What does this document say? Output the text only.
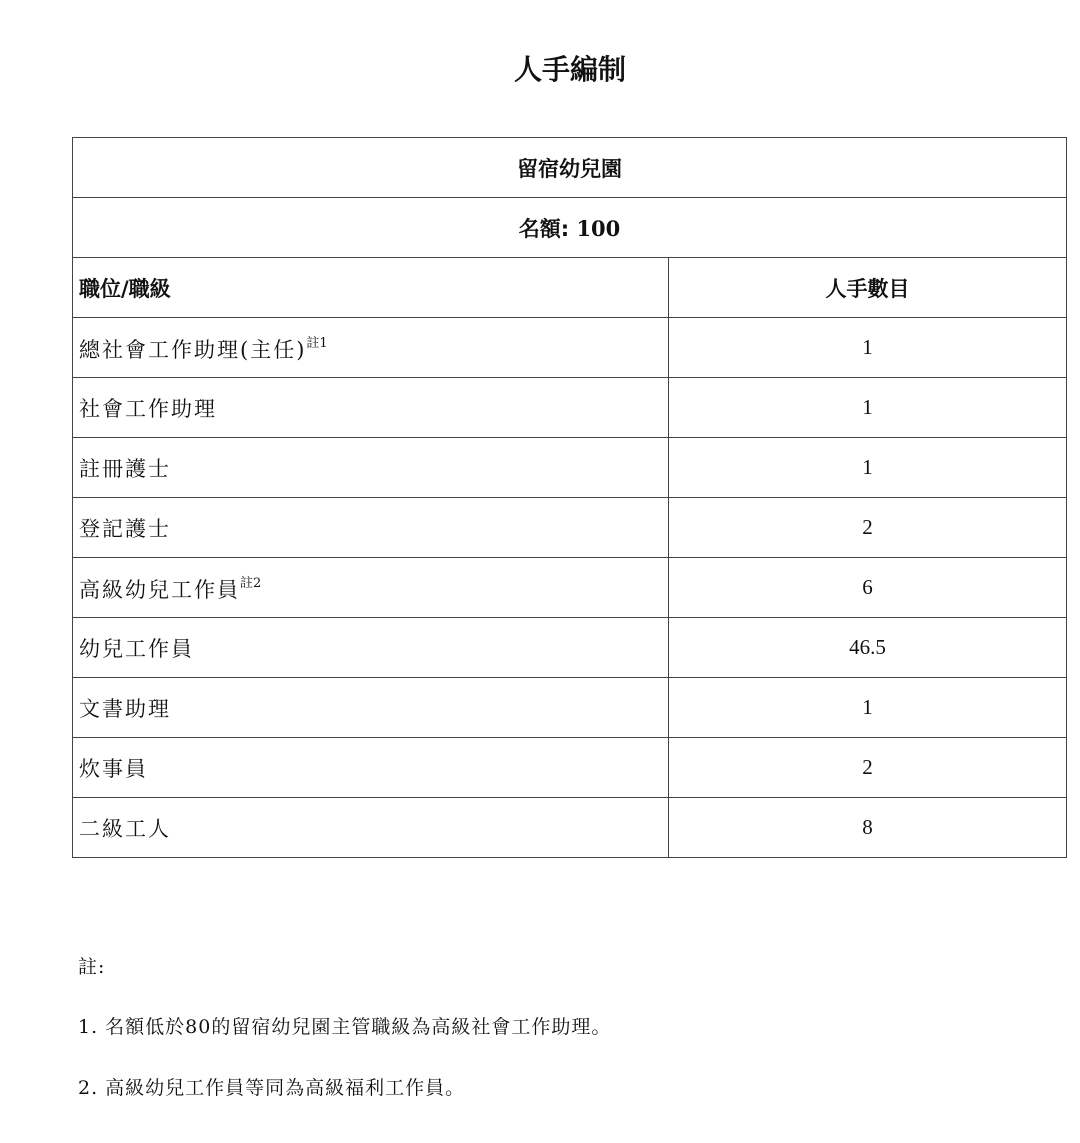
人手編制
留宿幼兒園	
名額: 100	
職位/職級	人手數目
總社會工作助理(主任)$^{註1}$	1
社會工作助理	1
註冊護士	1
登記護士	2
高級幼兒工作員$^{註2}$	6
幼兒工作員	46.5
文書助理	1
炊事員	2
二級工人	8
註:
1. 名額低於80的留宿幼兒園主管職級為高級社會工作助理。
2. 高級幼兒工作員等同為高級福利工作員。
